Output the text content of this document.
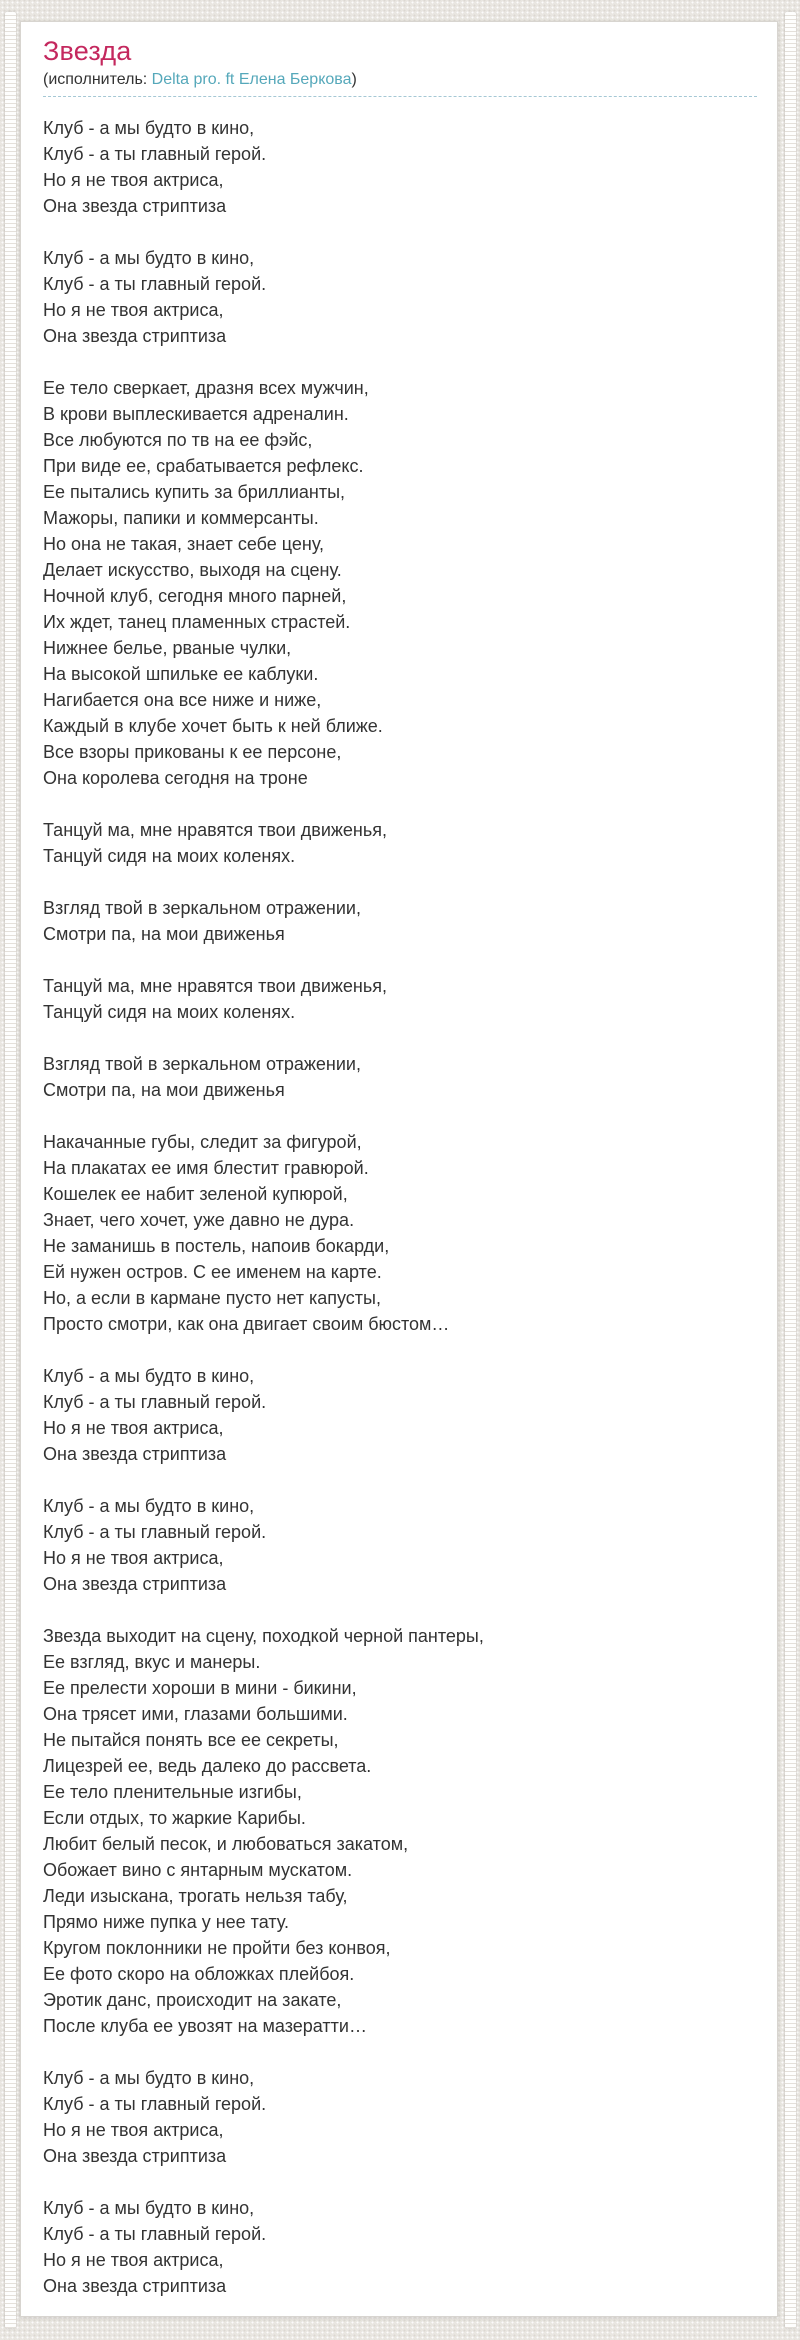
Звезда
(исполнитель: Delta pro. ft Елена Беркова)
Клуб - а мы будто в кино,
Клуб - а ты главный герой.
Но я не твоя актриса,
Она звезда стриптиза
Клуб - а мы будто в кино,
Клуб - а ты главный герой.
Но я не твоя актриса,
Она звезда стриптиза
Ее тело сверкает, дразня всех мужчин,
В крови выплескивается адреналин.
Все любуются по тв на ее фэйс,
При виде ее, срабатывается рефлекс.
Ее пытались купить за бриллианты,
Мажоры, папики и коммерсанты.
Но она не такая, знает себе цену,
Делает искусство, выходя на сцену.
Ночной клуб, сегодня много парней,
Их ждет, танец пламенных страстей.
Нижнее белье, рваные чулки,
На высокой шпильке ее каблуки.
Нагибается она все ниже и ниже,
Каждый в клубе хочет быть к ней ближе.
Все взоры прикованы к ее персоне,
Она королева сегодня на троне
Танцуй ма, мне нравятся твои движенья,
Танцуй сидя на моих коленях.
Взгляд твой в зеркальном отражении,
Смотри па, на мои движенья
Танцуй ма, мне нравятся твои движенья,
Танцуй сидя на моих коленях.
Взгляд твой в зеркальном отражении,
Смотри па, на мои движенья
Накачанные губы, следит за фигурой,
На плакатах ее имя блестит гравюрой.
Кошелек ее набит зеленой купюрой,
Знает, чего хочет, уже давно не дура.
Не заманишь в постель, напоив бокарди,
Ей нужен остров. С ее именем на карте.
Но, а если в кармане пусто нет капусты,
Просто смотри, как она двигает своим бюстом…
Клуб - а мы будто в кино,
Клуб - а ты главный герой.
Но я не твоя актриса,
Она звезда стриптиза
Клуб - а мы будто в кино,
Клуб - а ты главный герой.
Но я не твоя актриса,
Она звезда стриптиза
Звезда выходит на сцену, походкой черной пантеры,
Ее взгляд, вкус и манеры.
Ее прелести хороши в мини - бикини,
Она трясет ими, глазами большими.
Не пытайся понять все ее секреты,
Лицезрей ее, ведь далеко до рассвета.
Ее тело пленительные изгибы,
Если отдых, то жаркие Карибы.
Любит белый песок, и любоваться закатом,
Обожает вино с янтарным мускатом.
Леди изыскана, трогать нельзя табу,
Прямо ниже пупка у нее тату.
Кругом поклонники не пройти без конвоя,
Ее фото скоро на обложках плейбоя.
Эротик данс, происходит на закате,
После клуба ее увозят на мазератти…
Клуб - а мы будто в кино,
Клуб - а ты главный герой.
Но я не твоя актриса,
Она звезда стриптиза
Клуб - а мы будто в кино,
Клуб - а ты главный герой.
Но я не твоя актриса,
Она звезда стриптиза
